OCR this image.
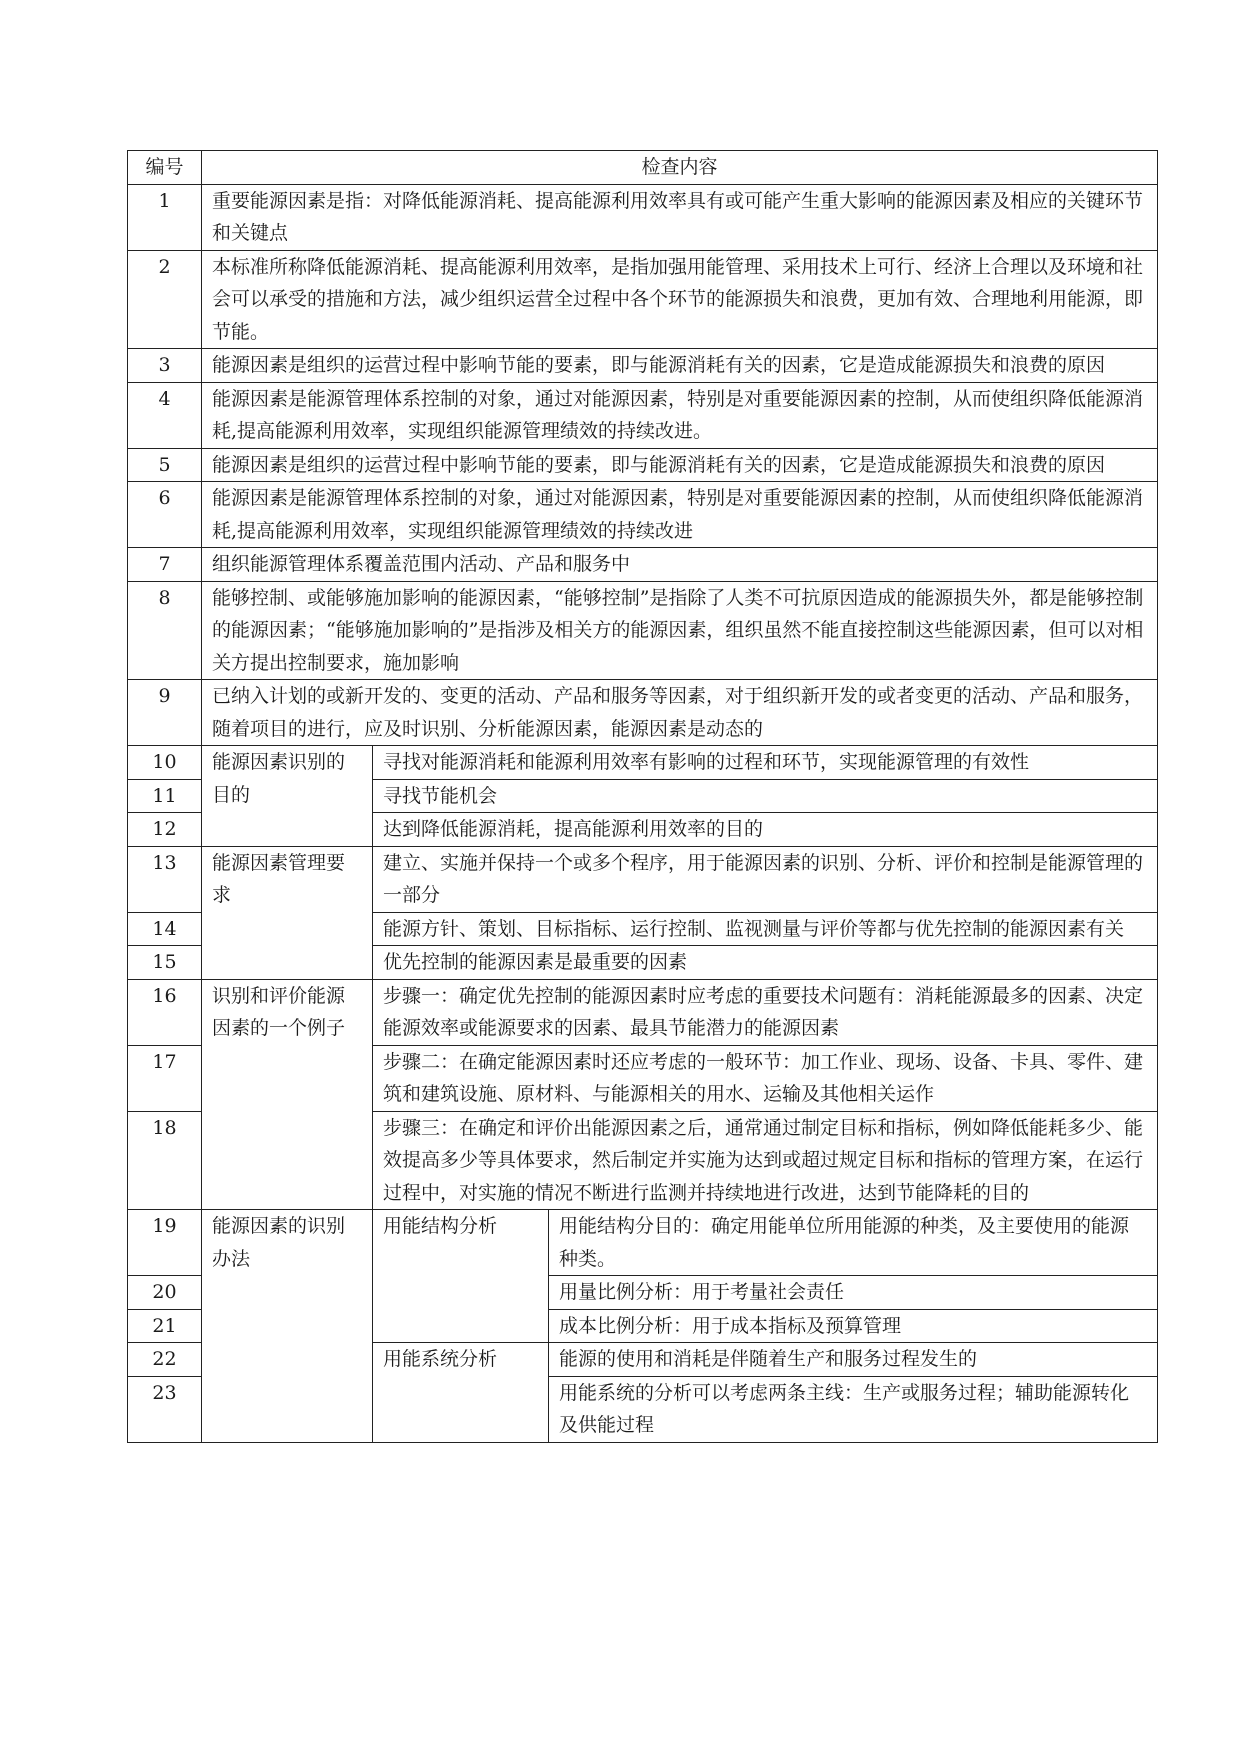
编号	检查内容		

1	重要能源因素是指：对降低能源消耗、提高能源利用效率具有或可能产生重大影响的能源因素及相应的关键环节和关键点		
2	本标准所称降低能源消耗、提高能源利用效率，是指加强用能管理、采用技术上可行、经济上合理以及环境和社会可以承受的措施和方法，减少组织运营全过程中各个环节的能源损失和浪费，更加有效、合理地利用能源，即节能。		
3	能源因素是组织的运营过程中影响节能的要素，即与能源消耗有关的因素，它是造成能源损失和浪费的原因		
4	能源因素是能源管理体系控制的对象，通过对能源因素，特别是对重要能源因素的控制，从而使组织降低能源消耗,提高能源利用效率，实现组织能源管理绩效的持续改进。		
5	能源因素是组织的运营过程中影响节能的要素，即与能源消耗有关的因素，它是造成能源损失和浪费的原因		
6	能源因素是能源管理体系控制的对象，通过对能源因素，特别是对重要能源因素的控制，从而使组织降低能源消耗,提高能源利用效率，实现组织能源管理绩效的持续改进		
7	组织能源管理体系覆盖范围内活动、产品和服务中		
8	能够控制、或能够施加影响的能源因素，“能够控制”是指除了人类不可抗原因造成的能源损失外，都是能够控制的能源因素；“能够施加影响的”是指涉及相关方的能源因素，组织虽然不能直接控制这些能源因素，但可以对相关方提出控制要求，施加影响		
9	已纳入计划的或新开发的、变更的活动、产品和服务等因素，对于组织新开发的或者变更的活动、产品和服务，随着项目的进行，应及时识别、分析能源因素，能源因素是动态的		
10	能源因素识别的目的	寻找对能源消耗和能源利用效率有影响的过程和环节，实现能源管理的有效性	
11		寻找节能机会	
12		达到降低能源消耗，提高能源利用效率的目的	
13	能源因素管理要求	建立、实施并保持一个或多个程序，用于能源因素的识别、分析、评价和控制是能源管理的一部分	
14		能源方针、策划、目标指标、运行控制、监视测量与评价等都与优先控制的能源因素有关	
15		优先控制的能源因素是最重要的因素	
16	识别和评价能源因素的一个例子	步骤一：确定优先控制的能源因素时应考虑的重要技术问题有：消耗能源最多的因素、决定能源效率或能源要求的因素、最具节能潜力的能源因素	
17		步骤二：在确定能源因素时还应考虑的一般环节：加工作业、现场、设备、卡具、零件、建筑和建筑设施、原材料、与能源相关的用水、运输及其他相关运作	
18		步骤三：在确定和评价出能源因素之后，通常通过制定目标和指标，例如降低能耗多少、能效提高多少等具体要求，然后制定并实施为达到或超过规定目标和指标的管理方案，在运行过程中，对实施的情况不断进行监测并持续地进行改进，达到节能降耗的目的	
19	能源因素的识别办法	用能结构分析	用能结构分目的：确定用能单位所用能源的种类，及主要使用的能源种类。
20			用量比例分析：用于考量社会责任
21			成本比例分析：用于成本指标及预算管理
22		用能系统分析	能源的使用和消耗是伴随着生产和服务过程发生的
23			用能系统的分析可以考虑两条主线：生产或服务过程；辅助能源转化及供能过程
